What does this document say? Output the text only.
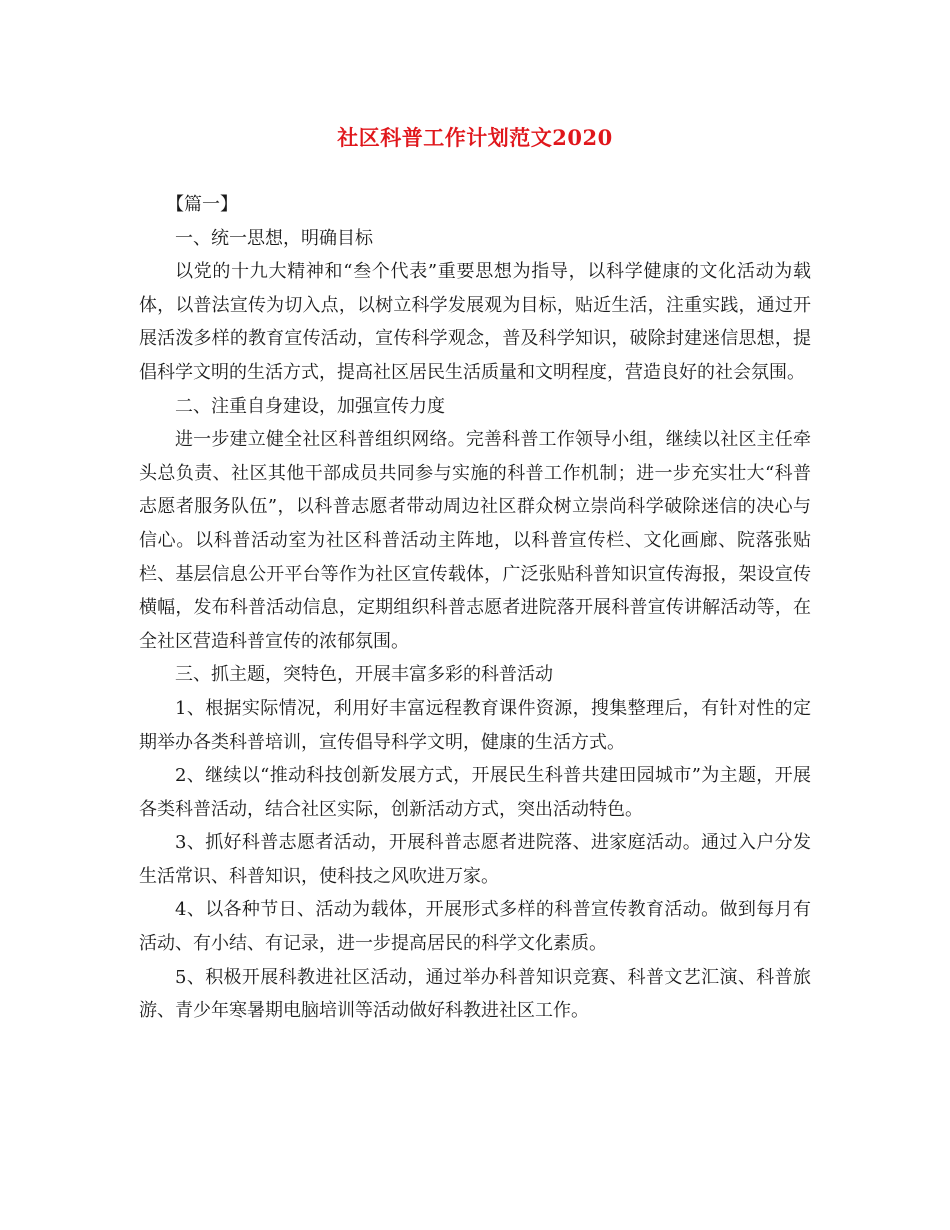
社区科普工作计划范文2020

【篇一】

一、统一思想，明确目标

以党的十九大精神和“叁个代表”重要思想为指导，以科学健康的文化活动为载体，以普法宣传为切入点，以树立科学发展观为目标，贴近生活，注重实践，通过开展活泼多样的教育宣传活动，宣传科学观念，普及科学知识，破除封建迷信思想，提倡科学文明的生活方式，提高社区居民生活质量和文明程度，营造良好的社会氛围。

二、注重自身建设，加强宣传力度

进一步建立健全社区科普组织网络。完善科普工作领导小组，继续以社区主任牵头总负责、社区其他干部成员共同参与实施的科普工作机制；进一步充实壮大“科普志愿者服务队伍”，以科普志愿者带动周边社区群众树立崇尚科学破除迷信的决心与信心。以科普活动室为社区科普活动主阵地，以科普宣传栏、文化画廊、院落张贴栏、基层信息公开平台等作为社区宣传载体，广泛张贴科普知识宣传海报，架设宣传横幅，发布科普活动信息，定期组织科普志愿者进院落开展科普宣传讲解活动等，在全社区营造科普宣传的浓郁氛围。

三、抓主题，突特色，开展丰富多彩的科普活动

1、根据实际情况，利用好丰富远程教育课件资源，搜集整理后，有针对性的定期举办各类科普培训，宣传倡导科学文明，健康的生活方式。

2、继续以“推动科技创新发展方式，开展民生科普共建田园城市”为主题，开展各类科普活动，结合社区实际，创新活动方式，突出活动特色。

3、抓好科普志愿者活动，开展科普志愿者进院落、进家庭活动。通过入户分发生活常识、科普知识，使科技之风吹进万家。

4、以各种节日、活动为载体，开展形式多样的科普宣传教育活动。做到每月有活动、有小结、有记录，进一步提高居民的科学文化素质。

5、积极开展科教进社区活动，通过举办科普知识竞赛、科普文艺汇演、科普旅游、青少年寒暑期电脑培训等活动做好科教进社区工作。
